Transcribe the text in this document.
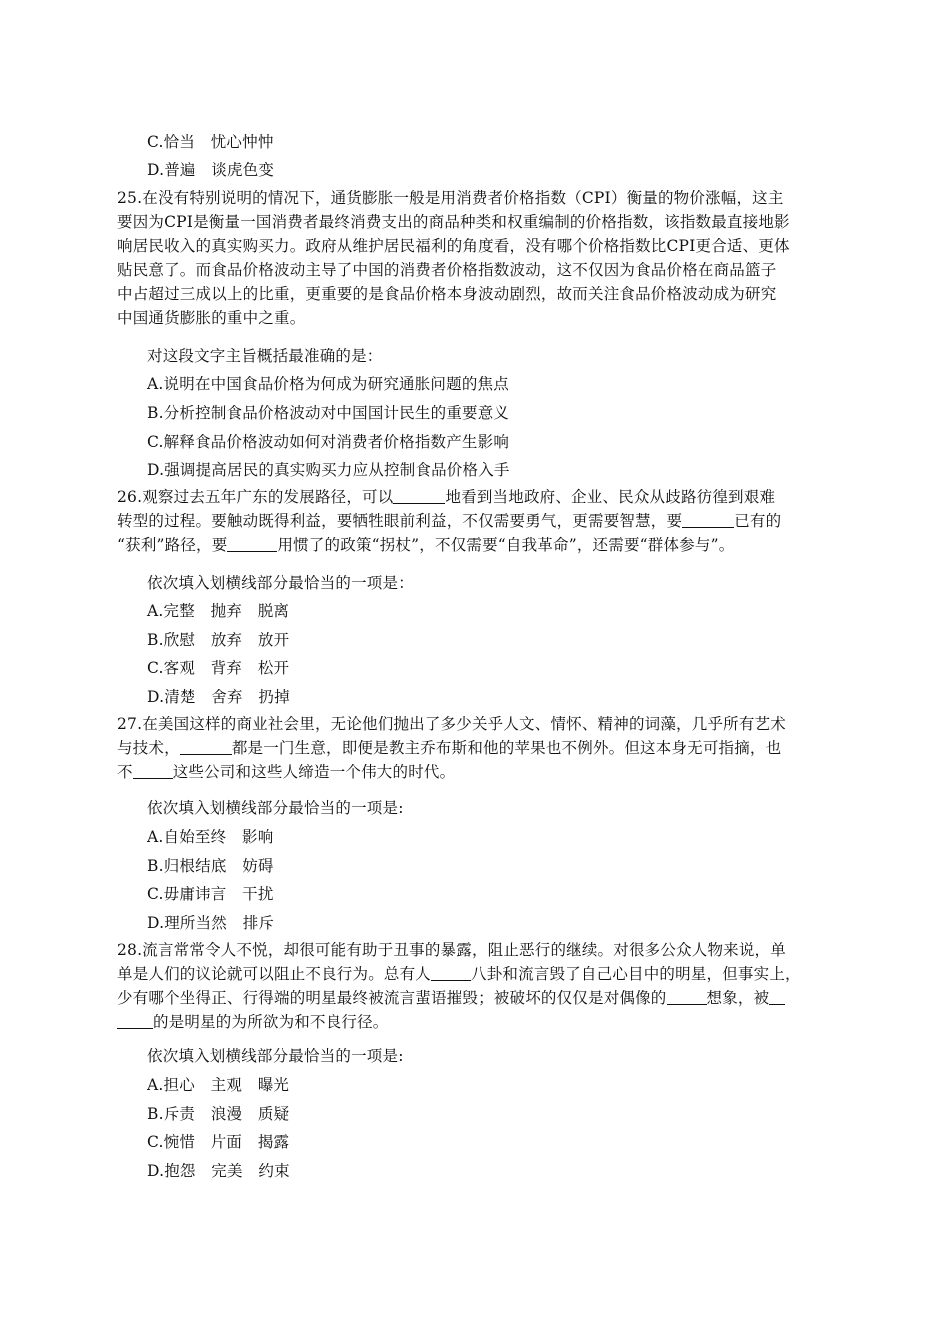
C.恰当　忧心忡忡
D.普遍　谈虎色变
25.在没有特别说明的情况下，通货膨胀一般是用消费者价格指数（CPI）衡量的物价涨幅，这主
要因为CPI是衡量一国消费者最终消费支出的商品种类和权重编制的价格指数，该指数最直接地影
响居民收入的真实购买力。政府从维护居民福利的角度看，没有哪个价格指数比CPI更合适、更体
贴民意了。而食品价格波动主导了中国的消费者价格指数波动，这不仅因为食品价格在商品篮子
中占超过三成以上的比重，更重要的是食品价格本身波动剧烈，故而关注食品价格波动成为研究
中国通货膨胀的重中之重。
对这段文字主旨概括最准确的是：
A.说明在中国食品价格为何成为研究通胀问题的焦点
B.分析控制食品价格波动对中国国计民生的重要意义
C.解释食品价格波动如何对消费者价格指数产生影响
D.强调提高居民的真实购买力应从控制食品价格入手
26.观察过去五年广东的发展路径，可以	地看到当地政府、企业、民众从歧路彷徨到艰难
转型的过程。要触动既得利益，要牺牲眼前利益，不仅需要勇气，更需要智慧，要	已有的
“获利”路径，要	用惯了的政策“拐杖”，不仅需要“自我革命”，还需要“群体参与”。
依次填入划横线部分最恰当的一项是：
A.完整　抛弃　脱离
B.欣慰　放弃　放开
C.客观　背弃　松开
D.清楚　舍弃　扔掉
27.在美国这样的商业社会里，无论他们抛出了多少关乎人文、情怀、精神的词藻，几乎所有艺术
与技术，	都是一门生意，即便是教主乔布斯和他的苹果也不例外。但这本身无可指摘，也
不	这些公司和这些人缔造一个伟大的时代。
依次填入划横线部分最恰当的一项是:
A.自始至终　影响
B.归根结底　妨碍
C.毋庸讳言　干扰
D.理所当然　排斥
28.流言常常令人不悦，却很可能有助于丑事的暴露，阻止恶行的继续。对很多公众人物来说，单
单是人们的议论就可以阻止不良行为。总有人	八卦和流言毁了自己心目中的明星，但事实上，
少有哪个坐得正、行得端的明星最终被流言蜚语摧毁；被破坏的仅仅是对偶像的	想象，被
的是明星的为所欲为和不良行径。
依次填入划横线部分最恰当的一项是:
A.担心　主观　曝光
B.斥责　浪漫　质疑
C.惋惜　片面　揭露
D.抱怨　完美　约束
